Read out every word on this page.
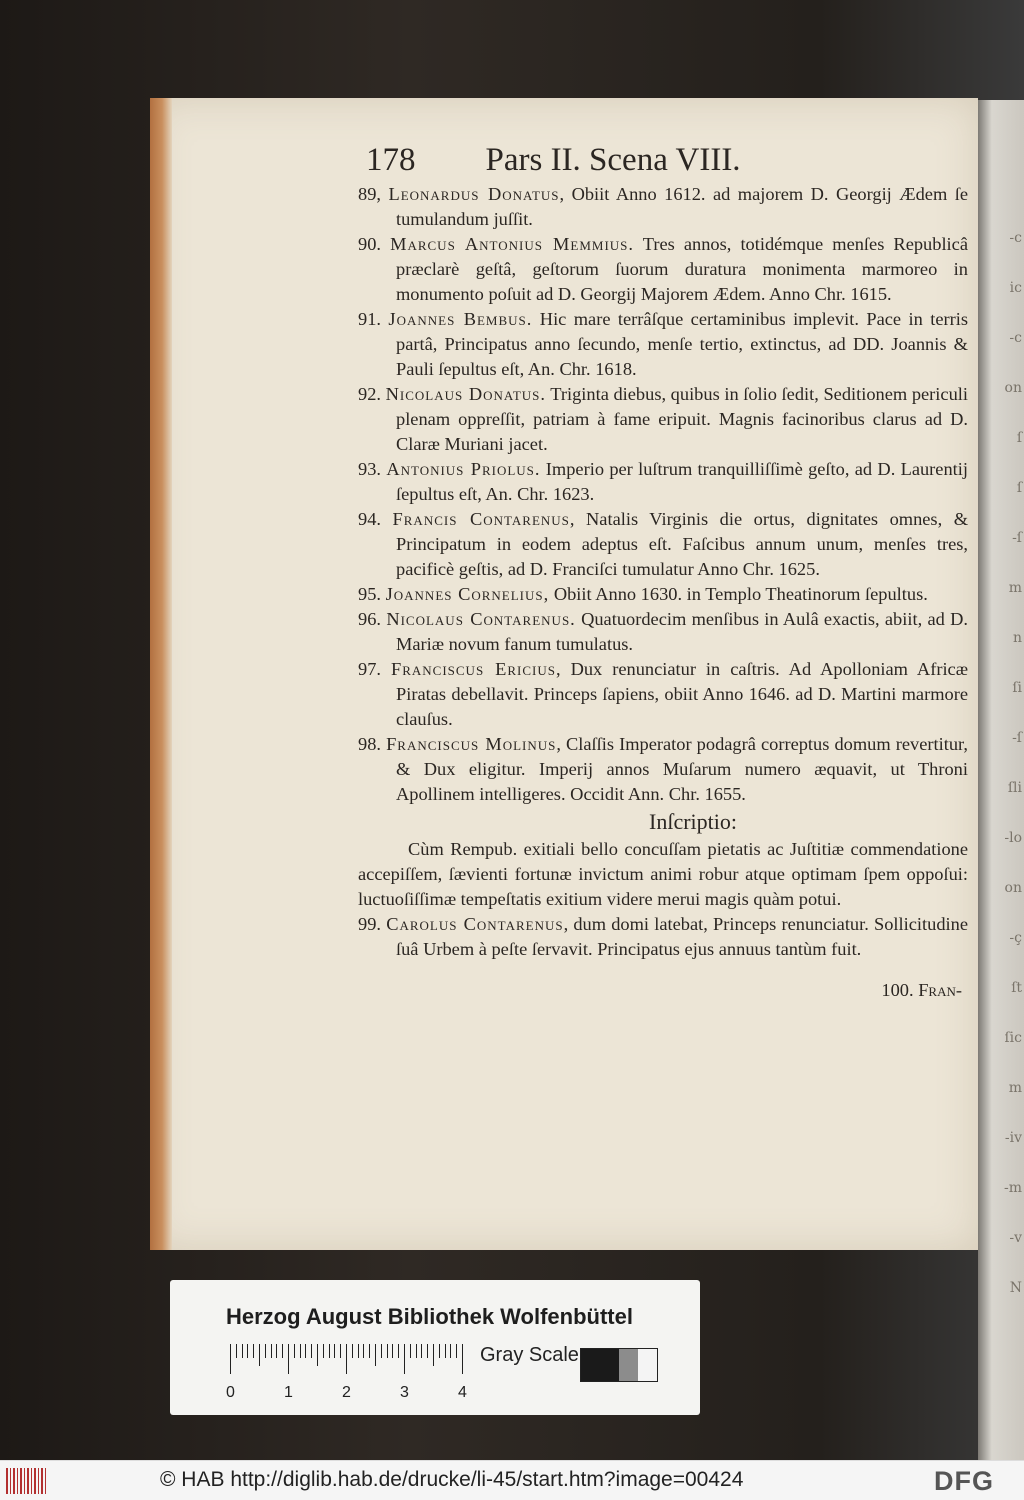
-c
ic
-c
on
ſ
ſ
-ſ
m
n
ſi
-ſ
ſli
-lo
on
-ç
ſt
ſic
m
-iv
-m
-v
N
178 Pars II. Scena VIII.

89, Leonardus Donatus, Obiit Anno 1612. ad majorem D. Georgij Ædem ſe tumulandum juſſit.

90. Marcus Antonius Memmius. Tres annos, totidémque menſes Republicâ præclarè geſtâ, geſtorum ſuorum duratura monimenta marmoreo in monumento poſuit ad D. Georgij Majorem Ædem. Anno Chr. 1615.

91. Joannes Bembus. Hic mare terrâſque certaminibus implevit. Pace in terris partâ, Principatus anno ſecundo, menſe tertio, extinctus, ad DD. Joannis & Pauli ſepultus eſt, An. Chr. 1618.

92. Nicolaus Donatus. Triginta diebus, quibus in ſolio ſedit, Seditionem periculi plenam oppreſſit, patriam à fame eripuit. Magnis facinoribus clarus ad D. Claræ Muriani jacet.

93. Antonius Priolus. Imperio per luſtrum tranquilliſſimè geſto, ad D. Laurentij ſepultus eſt, An. Chr. 1623.

94. Francis Contarenus, Natalis Virginis die ortus, dignitates omnes, & Principatum in eodem adeptus eſt. Faſcibus annum unum, menſes tres, pacificè geſtis, ad D. Franciſci tumulatur Anno Chr. 1625.

95. Joannes Cornelius, Obiit Anno 1630. in Templo Theatinorum ſepultus.

96. Nicolaus Contarenus. Quatuordecim menſibus in Aulâ exactis, abiit, ad D. Mariæ novum fanum tumulatus.

97. Franciscus Ericius, Dux renunciatur in caſtris. Ad Apolloniam Africæ Piratas debellavit. Princeps ſapiens, obiit Anno 1646. ad D. Martini marmore clauſus.

98. Franciscus Molinus, Claſſis Imperator podagrâ correptus domum revertitur, & Dux eligitur. Imperij annos Muſarum numero æquavit, ut Throni Apollinem intelligeres. Occidit Ann. Chr. 1655.

Inſcriptio:

Cùm Rempub. exitiali bello concuſſam pietatis ac Juſtitiæ commendatione accepiſſem, ſævienti fortunæ invictum animi robur atque optimam ſpem oppoſui: luctuoſiſſimæ tempeſtatis exitium videre merui magis quàm potui.

99. Carolus Contarenus, dum domi latebat, Princeps renunciatur. Sollicitudine ſuâ Urbem à peſte ſervavit. Principatus ejus annuus tantùm fuit.

100. Fran-
Herzog August Bibliothek Wolfenbüttel
0	1	2	3	4
Gray Scale
© HAB http://diglib.hab.de/drucke/li-45/start.htm?image=00424	DFG
